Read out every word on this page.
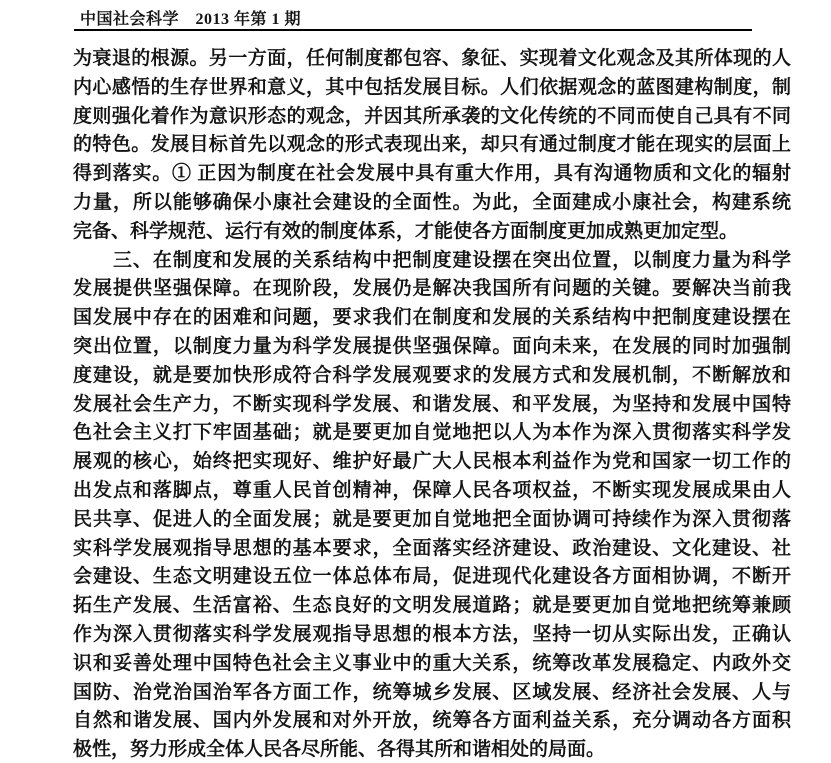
中国社会科学　2013 年第 1 期
为衰退的根源。另一方面，任何制度都包容、象征、实现着文化观念及其所体现的人
内心感悟的生存世界和意义，其中包括发展目标。人们依据观念的蓝图建构制度，制
度则强化着作为意识形态的观念，并因其所承袭的文化传统的不同而使自己具有不同
的特色。发展目标首先以观念的形式表现出来，却只有通过制度才能在现实的层面上
得到落实。① 正因为制度在社会发展中具有重大作用，具有沟通物质和文化的辐射
力量，所以能够确保小康社会建设的全面性。为此，全面建成小康社会，构建系统
完备、科学规范、运行有效的制度体系，才能使各方面制度更加成熟更加定型。
　　三、在制度和发展的关系结构中把制度建设摆在突出位置，以制度力量为科学
发展提供坚强保障。在现阶段，发展仍是解决我国所有问题的关键。要解决当前我
国发展中存在的困难和问题，要求我们在制度和发展的关系结构中把制度建设摆在
突出位置，以制度力量为科学发展提供坚强保障。面向未来，在发展的同时加强制
度建设，就是要加快形成符合科学发展观要求的发展方式和发展机制，不断解放和
发展社会生产力，不断实现科学发展、和谐发展、和平发展，为坚持和发展中国特
色社会主义打下牢固基础；就是要更加自觉地把以人为本作为深入贯彻落实科学发
展观的核心，始终把实现好、维护好最广大人民根本利益作为党和国家一切工作的
出发点和落脚点，尊重人民首创精神，保障人民各项权益，不断实现发展成果由人
民共享、促进人的全面发展；就是要更加自觉地把全面协调可持续作为深入贯彻落
实科学发展观指导思想的基本要求，全面落实经济建设、政治建设、文化建设、社
会建设、生态文明建设五位一体总体布局，促进现代化建设各方面相协调，不断开
拓生产发展、生活富裕、生态良好的文明发展道路；就是要更加自觉地把统筹兼顾
作为深入贯彻落实科学发展观指导思想的根本方法，坚持一切从实际出发，正确认
识和妥善处理中国特色社会主义事业中的重大关系，统筹改革发展稳定、内政外交
国防、治党治国治军各方面工作，统筹城乡发展、区域发展、经济社会发展、人与
自然和谐发展、国内外发展和对外开放，统筹各方面利益关系，充分调动各方面积
极性，努力形成全体人民各尽所能、各得其所和谐相处的局面。
